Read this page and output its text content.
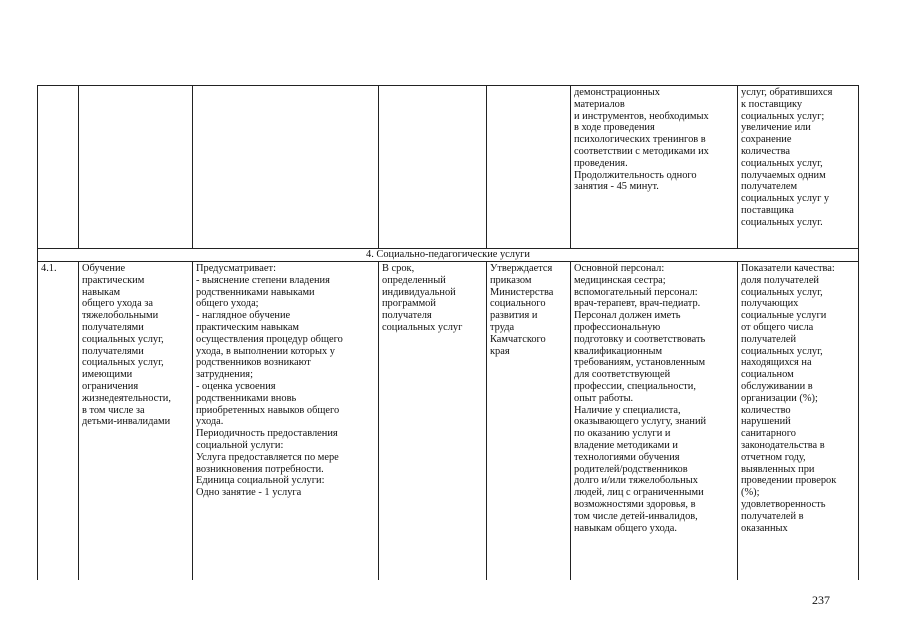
демонстрационных
материалов
и инструментов, необходимых
в ходе проведения
психологических тренингов в
соответствии с методиками их
проведения.
Продолжительность одного
занятия - 45 минут.
услуг, обратившихся
к поставщику
социальных услуг;
увеличение или
сохранение
количества
социальных услуг,
получаемых одним
получателем
социальных услуг у
поставщика
социальных услуг.
4. Социально-педагогические услуги
4.1.	Обучение
практическим
навыкам
общего ухода за
тяжелобольными
получателями
социальных услуг,
получателями
социальных услуг,
имеющими
ограничения
жизнедеятельности,
в том числе за
детьми-инвалидами
Предусматривает:
- выяснение степени владения
родственниками навыками
общего ухода;
- наглядное обучение
практическим навыкам
осуществления процедур общего
ухода, в выполнении которых у
родственников возникают
затруднения;
- оценка усвоения
родственниками вновь
приобретенных навыков общего
ухода.
Периодичность предоставления
социальной услуги:
Услуга предоставляется по мере
возникновения потребности.
Единица социальной услуги:
Одно занятие - 1 услуга
В срок,
определенный
индивидуальной
программой
получателя
социальных услуг
Утверждается
приказом
Министерства
социального
развития и
труда
Камчатского
края
Основной персонал:
медицинская сестра;
вспомогательный персонал:
врач-терапевт, врач-педиатр.
Персонал должен иметь
профессиональную
подготовку и соответствовать
квалификационным
требованиям, установленным
для соответствующей
профессии, специальности,
опыт работы.
Наличие у специалиста,
оказывающего услугу, знаний
по оказанию услуги и
владение методиками и
технологиями обучения
родителей/родственников
долго и/или тяжелобольных
людей, лиц с ограниченными
возможностями здоровья, в
том числе детей-инвалидов,
навыкам общего ухода.
Показатели качества:
доля получателей
социальных услуг,
получающих
социальные услуги
от общего числа
получателей
социальных услуг,
находящихся на
социальном
обслуживании в
организации (%);
количество
нарушений
санитарного
законодательства в
отчетном году,
выявленных при
проведении проверок
(%);
удовлетворенность
получателей в
оказанных
237
